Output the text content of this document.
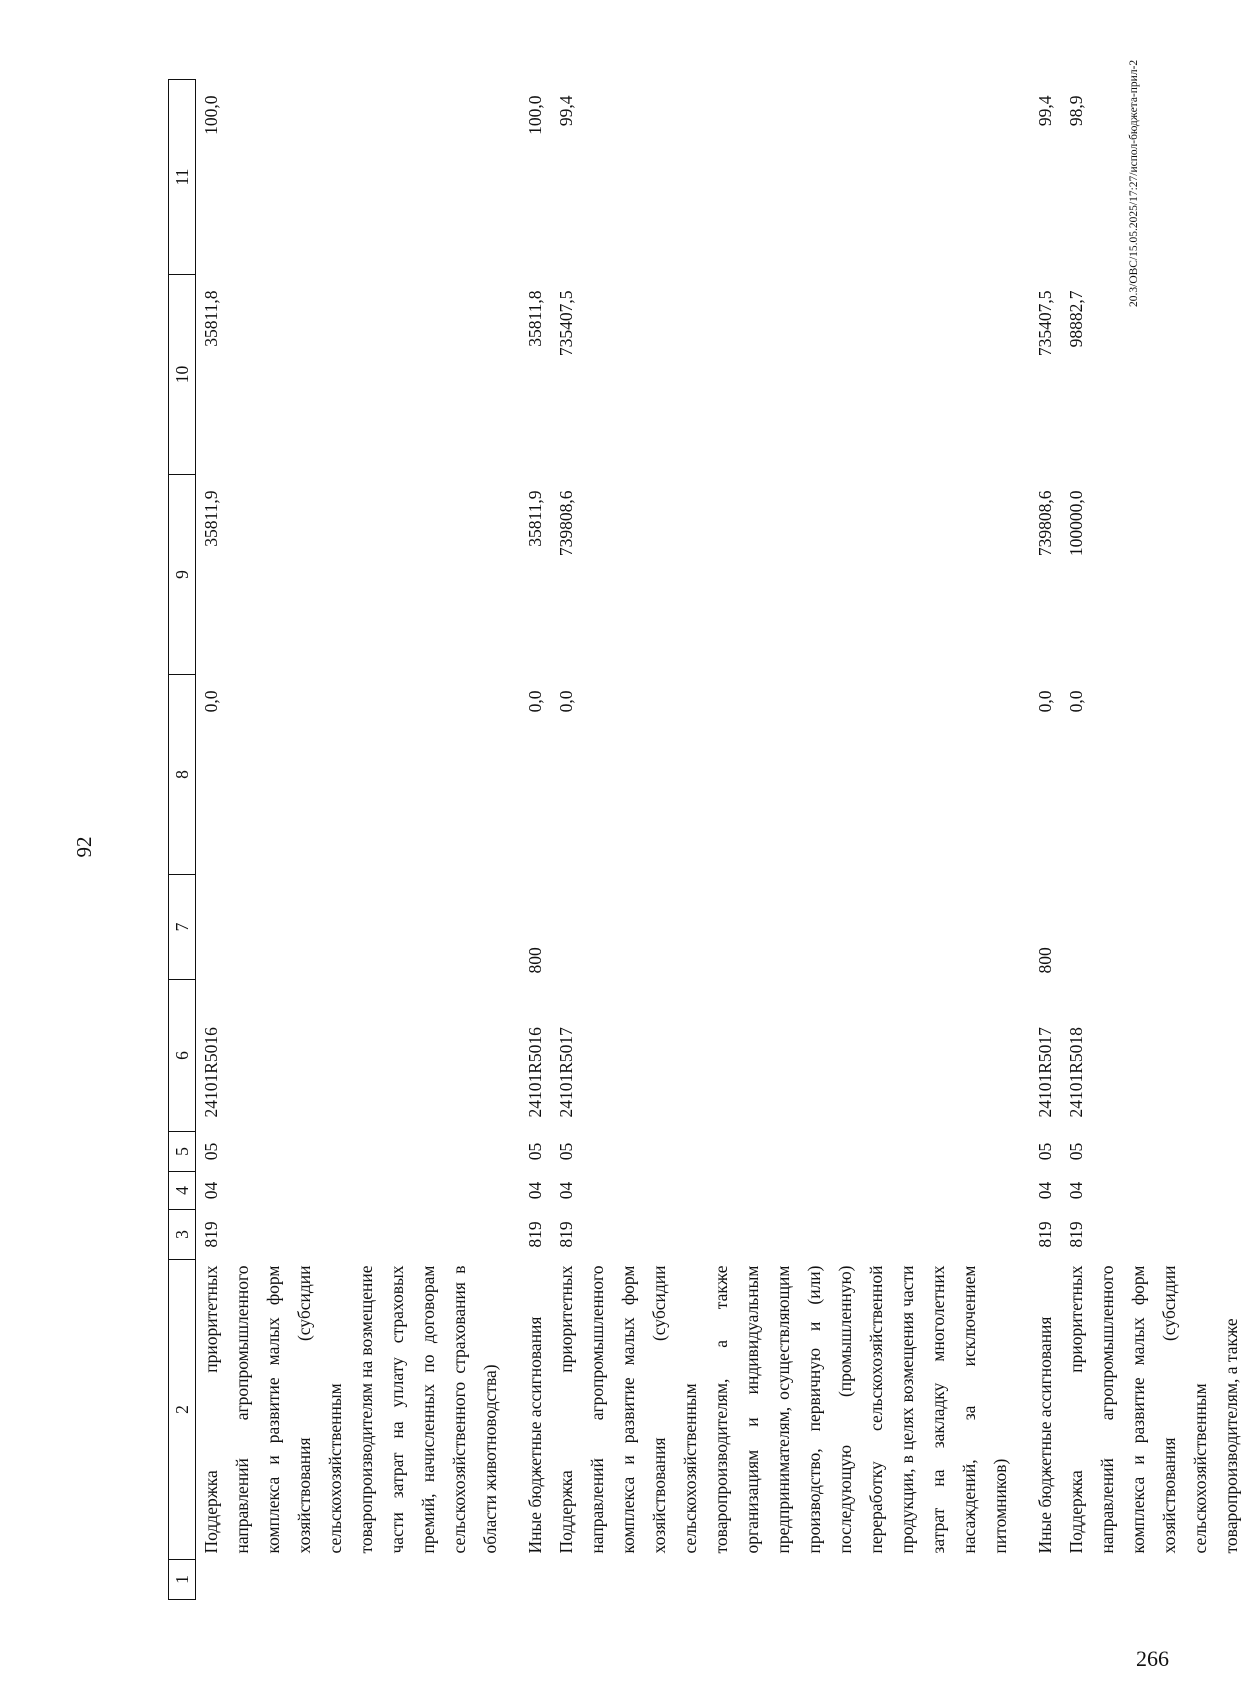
92
1	2	3	4	5	6	7	8	9	10	11
	Поддержка приоритетных направлений агропромышленного комплекса и развитие малых форм хозяйствования (субсидии сельскохозяйственным товаропроизводителям на возмещение части затрат на уплату страховых премий, начисленных по договорам сельскохозяйственного страхования в области животноводства)	819	04	05	24101R5016		0,0	35811,9	35811,8	100,0
	Иные бюджетные ассигнования	819	04	05	24101R5016	800	0,0	35811,9	35811,8	100,0
	Поддержка приоритетных направлений агропромышленного комплекса и развитие малых форм хозяйствования (субсидии сельскохозяйственным товаропроизводителям, а также организациям и индивидуальным предпринимателям, осуществляющим производство, первичную и (или) последующую (промышленную) переработку сельскохозяйственной продукции, в целях возмещения части затрат на закладку многолетних насаждений, за исключением питомников)	819	04	05	24101R5017		0,0	739808,6	735407,5	99,4
	Иные бюджетные ассигнования	819	04	05	24101R5017	800	0,0	739808,6	735407,5	99,4
	Поддержка приоритетных направлений агропромышленного комплекса и развитие малых форм хозяйствования (субсидии сельскохозяйственным товаропроизводителям, а также	819	04	05	24101R5018		0,0	100000,0	98882,7	98,9	20.3/ОВС/15.05.2025/17:27/испол-бюджета-прил-2
266
